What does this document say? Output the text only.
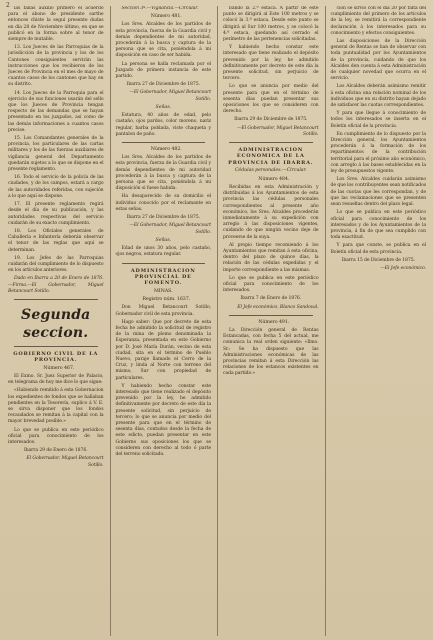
2 las fallas auxilio primero el acuerdo para el abono de presidente sarthe entonces chiste la seguí presente dudas en día 28 de Noviembre último, en que se publicó en la forma sobre al tenor de siempre de mutable.

13. Los Jueces de las Parroquias de la jurisdicción de la provincia y los de los Cantones consiguientes servirán las instrucciones que los recibieron de los Jueces de Provincia en el mes de mayo de cuantos casos de los cantones que hay en su distrito.

14. Los Jueces de la Parroquia para el ejercicio de sus funciones usarán del sello que los Jueces de Provincia tengan respecto de las demandas que se hayan presentado en los juzgados, así como de las demás informaciones a cuantos casos precise.

15. Los Comandantes generales de la provincia, los particulares de las cartas militares y los de las fuerzas auxiliares de vigilancia general del Departamento quedarán sujetos a lo que se dispone en el presente reglamento.

16. Todo el servicio de la policía de las ciudades, y de los campos, estará a cargo de las autoridades referidas, con sujeción a lo que aquí se dispone.

17. El presente reglamento regirá desde el día de su publicación, y las autoridades respectivas del servicio cuidarán de su exacto cumplimiento.

18. Los Oficiales generales de Caballería e Infantería deberán observar el tenor de las reglas que aquí se determinan.

19. Los Jefes de las Parroquias cuidarán del cumplimiento de lo dispuesto en los artículos anteriores.

Dado en Ibarra a 20 de Enero de 1876.—Firma.—El Gobernador, Miguel Betancourt Sotillo.

Segunda seccion.

GOBIERNO CIVIL DE LA PROVINCIA.

Número 467.

El Exmo. Sr. Juez Superior de Palacio, en telegrama de hoy me dice lo que sigue:

«Habiendo remitido á esta Gobernacion los expedientes de fondos que se hallaban pendientes en la Tesorería, suplico á V. E. se sirva disponer que los fondos recaudados se remitan á la capital con la mayor brevedad posible.»

Lo que se publica en este periódico oficial para conocimiento de los interesados.

Ibarra 29 de Enero de 1876.

El Gobernador, Miguel Betancourt Sotillo.

Seccion 3ª.—Vigilancia.—Circular.

Número 481.

Los Sres. Alcaldes de los partidos de esta provincia, fuerza de la Guardia civil y demás dependientes de mi autoridad, procederán á la busca y captura de la persona que se cita, poniéndola á mi disposición en caso de ser habida.

La persona se halla reclamada por el Juzgado de primera instancia de este partido.

Ibarra 27 de Diciembre de 1875.

—El Gobernador, Miguel Betancourt Sotillo.

Señas.

Estatura, 40 años de edad, pelo castaño, ojos pardos, color moreno, nariz regular, barba poblada, viste chaqueta y pantalon de paño.

Número 482.

Los Sres. Alcaldes de los partidos de esta provincia, fuerza de la Guardia civil y demás dependientes de mi autoridad procederán á la busca y captura de la persona que se cita, poniéndola á mi disposición si fuese habida.

Ha desaparecido de su domicilio el individuo conocido por el reclamante en estas señas.

Ibarra 27 de Diciembre de 1875.

—El Gobernador, Miguel Betancourt Sotillo.

Señas.

Edad de unos 30 años, pelo castaño, ojos negros, estatura regular.

ADMINISTRACION PROVINCIAL DE FOMENTO.

MINAS.

Registro núm. 1637.

Don Miguel Betancourt Sotillo, Gobernador civil de esta provincia.

Hago saber: Que por decreto de esta fecha he admitido la solicitud de registro de la mina de plomo denominada la Esperanza, presentada en este Gobierno por D. José María Durán, vecino de esta ciudad, sita en el término de Pueblo Nuevo, paraje llamado el Cerro de la Cruz, y linda al Norte con terreno del mismo, Sur con propiedad de particulares.

Y habiendo hecho constar este interesado que tiene realizado el depósito prevenido por la ley, he admitido definitivamente por decreto de este día la presente solicitud, sin perjuicio de tercero; lo que se anuncia por medio del presente para que en el término de sesenta días, contados desde la fecha de este edicto, puedan presentar en este Gobierno sus oposiciones los que se consideren con derecho al todo ó parte del terreno solicitado.

bandó la 2.ª estaca. A partir de este punto se dirigirá al Este 100 metros y se colocó la 3.ª estaca. Desde este punto se dirigirá al Sur 100 metros, y se colocó la 4.ª estaca, quedando así cerrado el perímetro de las pertenencias solicitadas.

Y habiendo hecho constar este interesado que tiene realizado el depósito prevenido por la ley, he admitido definitivamente por decreto de este día la presente solicitud, sin perjuicio de tercero.

Lo que se anuncia por medio del presente para que en el término de sesenta días puedan presentar sus oposiciones los que se consideren con derecho.

Ibarra 29 de Diciembre de 1875.

—El Gobernador, Miguel Betancourt Sotillo.

ADMINISTRACION ECONOMICA DE LA PROVINCIA DE IBARRA.

Cédulas personales.—Circular.

Número 484.

Recibidas en esta Administración y distribuidas á los Ayuntamientos de esta provincia las cédulas personales correspondientes al presente año económico, los Sres. Alcaldes procederán inmediatamente á su expedición con arreglo á las disposiciones vigentes, cuidando de que ningún vecino deje de proveerse de la suya.

Al propio tiempo recomiendo á los Ayuntamientos que remitan á esta oficina, dentro del plazo de quince días, la relación de las cédulas expedidas y el importe correspondiente a las mismas.

Lo que se publica en este periódico oficial para conocimiento de los interesados.

Ibarra 7 de Enero de 1876.

El Jefe económico, Blanco Sandoval.

Número 491.

La Dirección general de Rentas Estancadas, con fecha 5 del actual, me comunica la real orden siguiente: «Ilmo. Sr.: Se ha dispuesto que las Administraciones económicas de las provincias remitan á esta Dirección las relaciones de los estancos existentes en cada partido.»

cion se sirvió con el día 20 por falta del cumplimiento del primero de los artículos de la ley, se remitirá la correspondiente declaración á los interesados para su conocimiento y efectos consiguientes.

Las disposiciones de la Dirección general de Rentas se han de observar con toda puntualidad por los Ayuntamientos de la provincia, cuidando de que los Alcaldes den cuenta á esta Administración de cualquier novedad que ocurra en el servicio.

Los Alcaldes deberán asimismo remitir á esta oficina una relación nominal de los individuos que en su distrito hayan dejado de satisfacer las cuotas correspondientes.

Y para que llegue á conocimiento de todos los interesados se inserta en el Boletín oficial de la provincia.

En cumplimiento de lo dispuesto por la Dirección general, los Ayuntamientos procederán á la formación de los repartimientos de la contribución territorial para el próximo año económico, con arreglo á las bases establecidas en la ley de presupuestos vigente.

Los Sres. Alcaldes cuidarán asimismo de que los contribuyentes sean notificados de las cuotas que les correspondan, y de que las reclamaciones que se presenten sean resueltas dentro del plazo legal.

Lo que se publica en este periódico oficial para conocimiento de los interesados y de los Ayuntamientos de la provincia, á fin de que sea cumplido con toda exactitud.

Y para que conste, se publica en el Boletín oficial de esta provincia.

Ibarra 15 de Diciembre de 1875.

—El Jefe económico.
